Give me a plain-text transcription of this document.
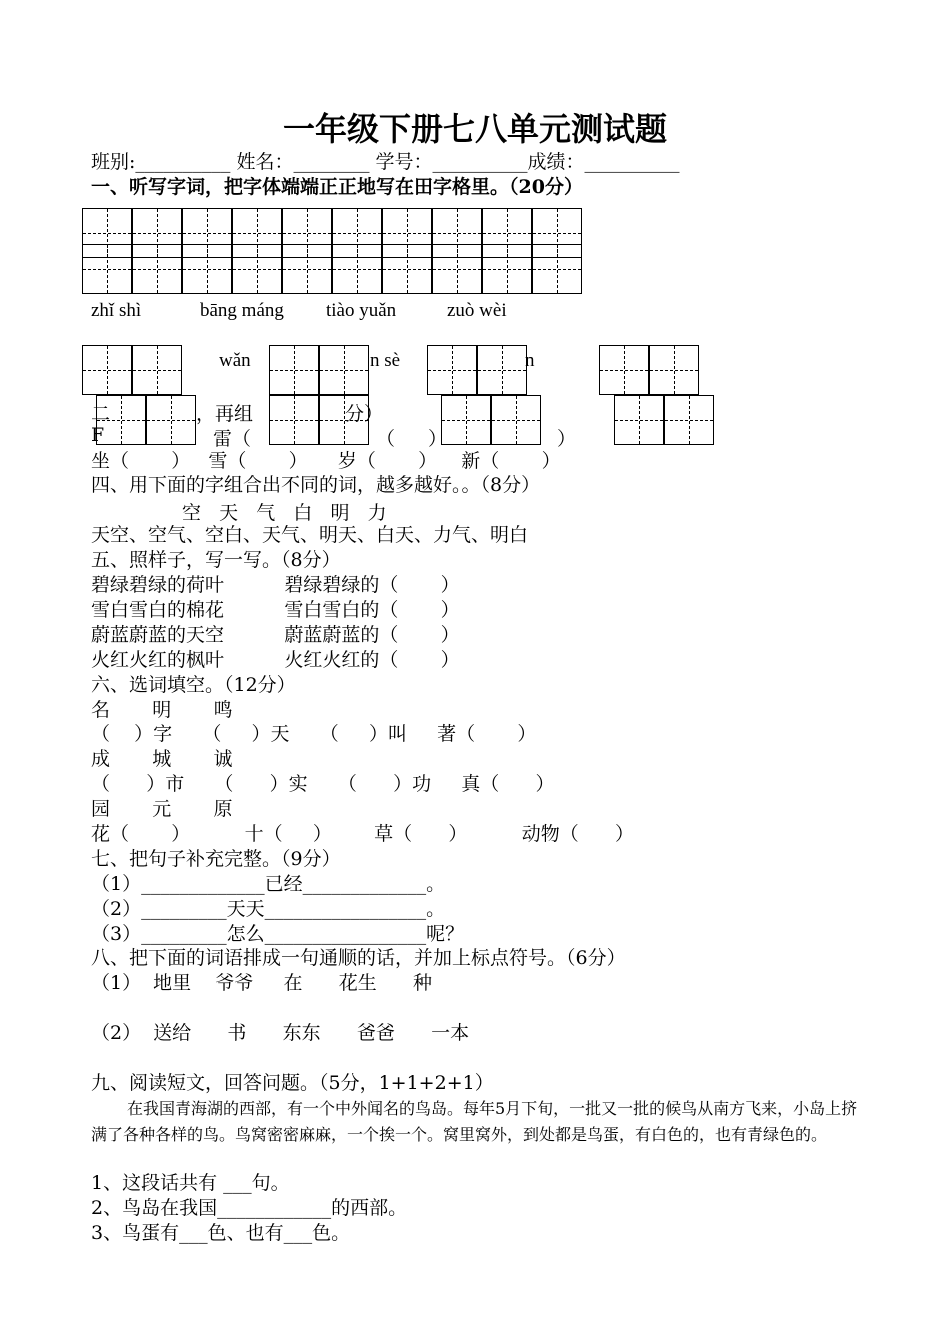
一年级下册七八单元测试题
班别:__________ 姓名：________ 学号：__________成绩：__________
一、听写字词，把字体端端正正地写在田字格里。（20分）
zhǐ shì	bāng máng tiào yuǎn	zuò wèi
wǎn	n sè	n
二	，再组	分）
F	雷（	（ ）	）
坐（       ）   雪（       ）     岁（       ）    新（       ）
四、用下面的字组合出不同的词，越多越好。。（8分）
空   天   气   白   明   力
天空、空气、空白、天气、明天、白天、力气、明白
五、照样子，写一写。（8分）
碧绿碧绿的荷叶          碧绿碧绿的（       ）
雪白雪白的棉花          雪白雪白的（       ）
蔚蓝蔚蓝的天空          蔚蓝蔚蓝的（       ）
火红火红的枫叶          火红火红的（       ）
六、选词填空。（12分）
名       明       鸣
（    ）字     （     ）天     （     ）叫     著（       ）
成       城       诚
（      ）市     （      ）实     （      ）功     真（      ）
园       元       原
花（       ）         十（     ）       草（      ）         动物（      ）
七、把句子补充完整。（9分）
（1）_____________已经_____________。
（2）_________天天_________________。
（3）_________怎么_________________呢？
八、把下面的词语排成一句通顺的话，并加上标点符号。（6分）
（1）  地里    爷爷     在      花生      种
（2）  送给      书      东东      爸爸      一本
九、阅读短文，回答问题。（5分，1+1+2+1）
在我国青海湖的西部，有一个中外闻名的鸟岛。每年5月下旬，一批又一批的候鸟从南方飞来，小岛上挤满了各种各样的鸟。鸟窝密密麻麻，一个挨一个。窝里窝外，到处都是鸟蛋，有白色的，也有青绿色的。
1、这段话共有 ___句。
2、鸟岛在我国____________的西部。
3、鸟蛋有___色、也有___色。
